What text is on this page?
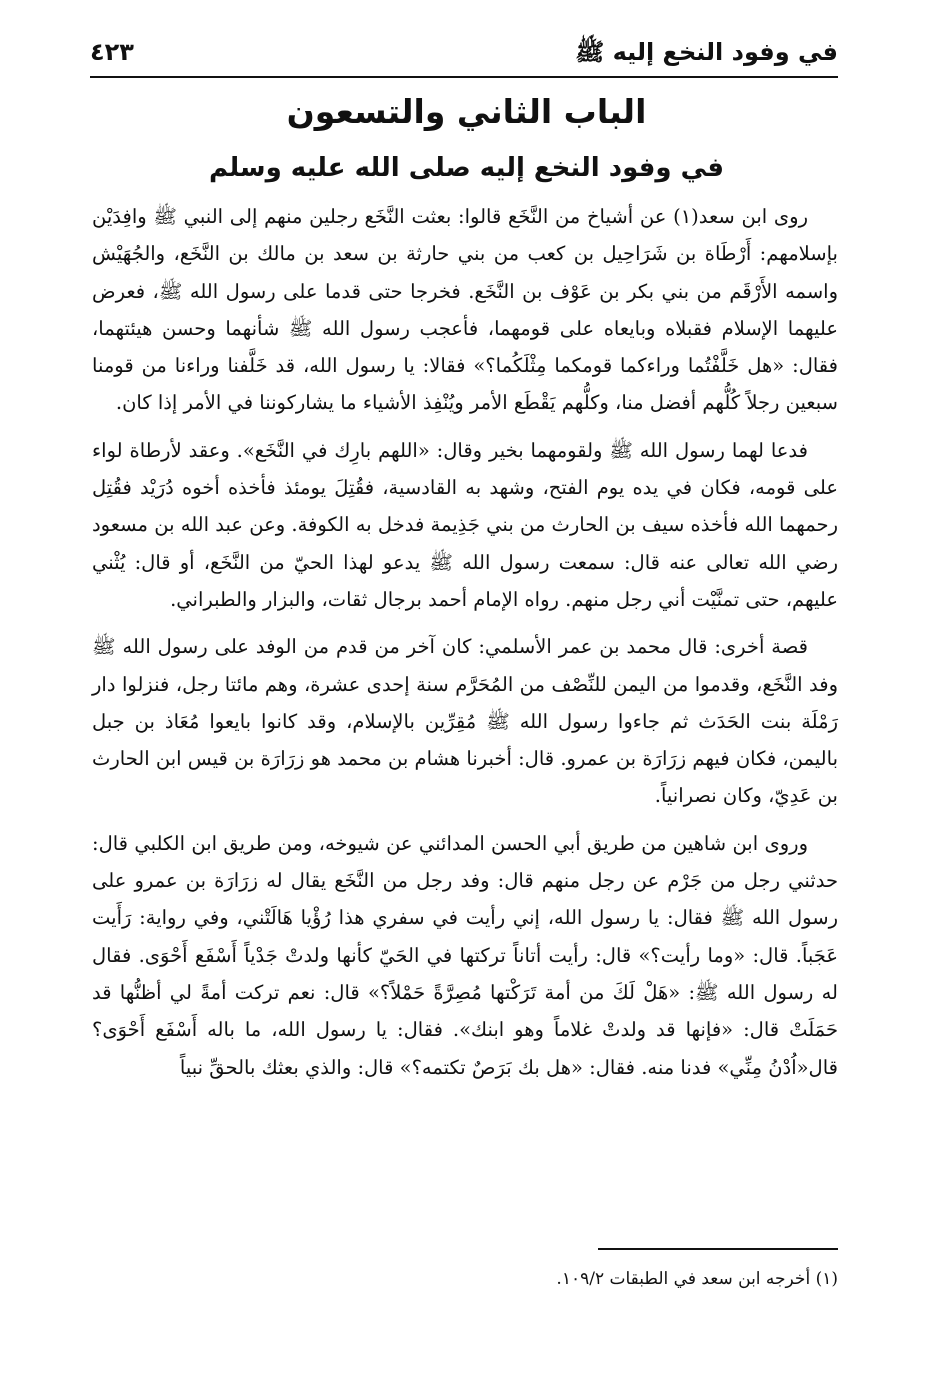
في وفود النخع إليه ﷺ
٤٢٣
الباب الثاني والتسعون
في وفود النخع إليه صلى الله عليه وسلم

روى ابن سعد(١) عن أشياخ من النَّخَع قالوا: بعثت النَّخَع رجلين منهم إلى النبي ﷺ وافِدَيْن بإسلامهم: أَرْطَاة بن شَرَاحِيل بن كعب من بني حارثة بن سعد بن مالك بن النَّخَع، والجُهَيْش واسمه الأَرْقَم من بني بكر بن عَوْف بن النَّخَع. فخرجا حتى قدما على رسول الله ﷺ، فعرض عليهما الإسلام فقبلاه وبايعاه على قومهما، فأعجب رسول الله ﷺ شأنهما وحسن هيئتهما، فقال: «هل خَلَّفْتُما وراءكما قومكما مِثْلَكُما؟» فقالا: يا رسول الله، قد خَلَّفنا وراءنا من قومنا سبعين رجلاً كُلُّهم أفضل منا، وكلُّهم يَقْطَع الأمر ويُنْفِذ الأشياء ما يشاركوننا في الأمر إذا كان.

فدعا لهما رسول الله ﷺ ولقومهما بخير وقال: «اللهم بارِك في النَّخَع». وعقد لأرطاة لواء على قومه، فكان في يده يوم الفتح، وشهد به القادسية، فقُتِلَ يومئذ فأخذه أخوه دُرَيْد فقُتِل رحمهما الله فأخذه سيف بن الحارث من بني جَذِيمة فدخل به الكوفة. وعن عبد الله بن مسعود رضي الله تعالى عنه قال: سمعت رسول الله ﷺ يدعو لهذا الحيّ من النَّخَع، أو قال: يُثْني عليهم، حتى تمنَّيْت أني رجل منهم. رواه الإمام أحمد برجال ثقات، والبزار والطبراني.

قصة أخرى: قال محمد بن عمر الأسلمي: كان آخر من قدم من الوفد على رسول الله ﷺ وفد النَّخَع، وقدموا من اليمن للنِّصْف من المُحَرَّم سنة إحدى عشرة، وهم مائتا رجل، فنزلوا دار رَمْلَة بنت الحَدَث ثم جاءوا رسول الله ﷺ مُقِرِّين بالإسلام، وقد كانوا بايعوا مُعَاذ بن جبل باليمن، فكان فيهم زرَارَة بن عمرو. قال: أخبرنا هشام بن محمد هو زرَارَة بن قيس ابن الحارث بن عَدِيّ، وكان نصرانياً.

وروى ابن شاهين من طريق أبي الحسن المدائني عن شيوخه، ومن طريق ابن الكلبي قال: حدثني رجل من جَرْم عن رجل منهم قال: وفد رجل من النَّخَع يقال له زرَارَة بن عمرو على رسول الله ﷺ فقال: يا رسول الله، إني رأيت في سفري هذا رُؤْيا هَالَتْني، وفي رواية: رَأَيت عَجَباً. قال: «وما رأيت؟» قال: رأيت أتاناً تركتها في الحَيّ كأنها ولدتْ جَدْياً أَسْفَع أَحْوَى. فقال له رسول الله ﷺ: «هَلْ لَكَ من أمة تَرَكْتها مُصِرَّةً حَمْلاً؟» قال: نعم تركت أمةً لي أظنُّها قد حَمَلَتْ قال: «فإنها قد ولدتْ غلاماً وهو ابنك». فقال: يا رسول الله، ما باله أَسْفَع أَحْوَى؟ قال«اُدْنُ مِنِّي» فدنا منه. فقال: «هل بك بَرَصٌ تكتمه؟» قال: والذي بعثك بالحقِّ نبياً

(١) أخرجه ابن سعد في الطبقات ١٠٩/٢.
